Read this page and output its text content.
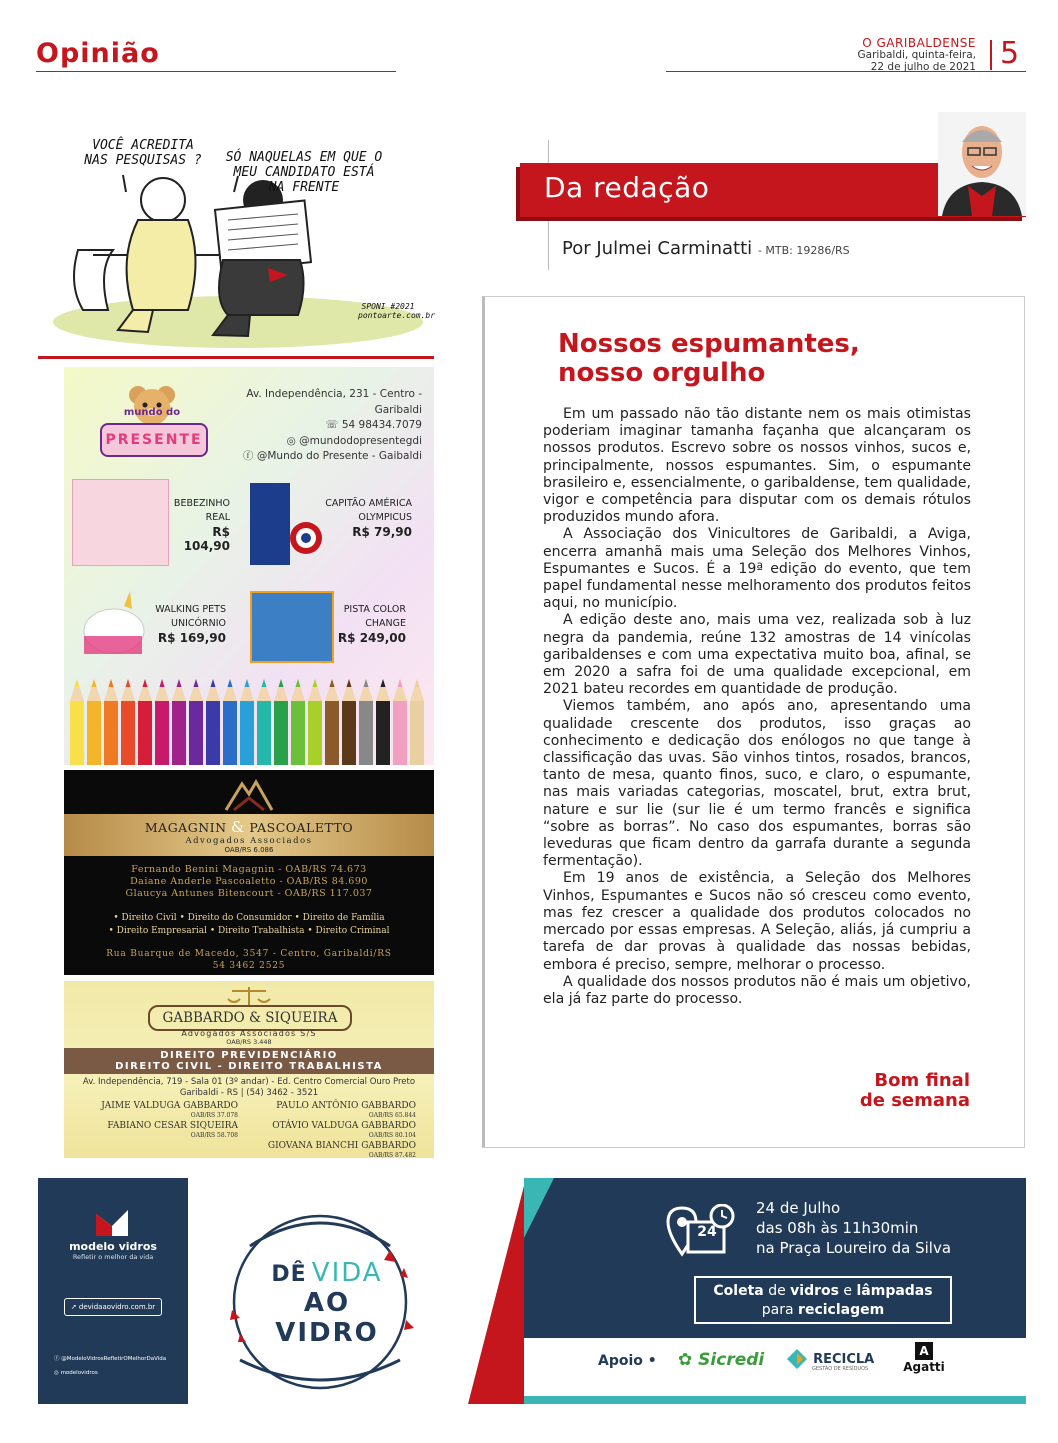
Opinião	O GARIBALDENSE
Garibaldi, quinta-feira,
22 de julho de 2021 5
VOCÊ ACREDITA NAS PESQUISAS ?	SÓ NAQUELAS EM QUE O MEU CANDIDATO ESTÁ NA FRENTE
SPONI #2021 pontoarte.com.br
mundo do
PRESENTE
Av. Independência, 231 - Centro - Garibaldi
☏ 54 98434.7079
◎ @mundodopresentegdi
ⓕ @Mundo do Presente - Gaibaldi
BEBEZINHO
REAL
R$ 104,90
CAPITÃO AMÉRICA
OLYMPICUS
R$ 79,90
WALKING PETS
UNICÓRNIO
R$ 169,90
PISTA COLOR
CHANGE
R$ 249,00
MAGAGNIN & PASCOALETTO
Advogados Associados
OAB/RS 6.086
Fernando Benini Magagnin - OAB/RS 74.673
Daiane Anderle Pascoaletto - OAB/RS 84.690
Glaucya Antunes Bitencourt - OAB/RS 117.037
• Direito Civil • Direito do Consumidor • Direito de Família
• Direito Empresarial • Direito Trabalhista • Direito Criminal
Rua Buarque de Macedo, 3547 - Centro, Garibaldi/RS
54 3462 2525
GABBARDO & SIQUEIRA
Advogados Associados S/S
OAB/RS 3.448
DIREITO PREVIDENCIÁRIO
DIREITO CIVIL - DIREITO TRABALHISTA
Av. Independência, 719 - Sala 01 (3º andar) - Ed. Centro Comercial Ouro Preto
Garibaldi - RS | (54) 3462 - 3521
JAIME VALDUGA GABBARDO
OAB/RS 37.078
FABIANO CESAR SIQUEIRA
OAB/RS 58.708
PAULO ANTÔNIO GABBARDO
OAB/RS 65.844
OTÁVIO VALDUGA GABBARDO
OAB/RS 80.104
GIOVANA BIANCHI GABBARDO
OAB/RS 87.482
Da redação
Por Julmei Carminatti - MTB: 19286/RS
Nossos espumantes,
nosso orgulho

Em um passado não tão distante nem os mais otimistas poderiam imaginar tamanha façanha que alcançaram os nossos produtos. Escrevo sobre os nossos vinhos, sucos e, principalmente, nossos espumantes. Sim, o espumante brasileiro e, essencialmente, o garibaldense, tem qualidade, vigor e competência para disputar com os demais rótulos produzidos mundo afora.

A Associação dos Vinicultores de Garibaldi, a Aviga, encerra amanhã mais uma Seleção dos Melhores Vinhos, Espumantes e Sucos. É a 19ª edição do evento, que tem papel fundamental nesse melhoramento dos produtos feitos aqui, no município.

A edição deste ano, mais uma vez, realizada sob à luz negra da pandemia, reúne 132 amostras de 14 vinícolas garibaldenses e com uma expectativa muito boa, afinal, se em 2020 a safra foi de uma qualidade excepcional, em 2021 bateu recordes em quantidade de produção.

Viemos também, ano após ano, apresentando uma qualidade crescente dos produtos, isso graças ao conhecimento e dedicação dos enólogos no que tange à classificação das uvas. São vinhos tintos, rosados, brancos, tanto de mesa, quanto finos, suco, e claro, o espumante, nas mais variadas categorias, moscatel, brut, extra brut, nature e sur lie (sur lie é um termo francês e significa “sobre as borras”. No caso dos espumantes, borras são leveduras que ficam dentro da garrafa durante a segunda fermentação).

Em 19 anos de existência, a Seleção dos Melhores Vinhos, Espumantes e Sucos não só cresceu como evento, mas fez crescer a qualidade dos produtos colocados no mercado por essas empresas. A Seleção, aliás, já cumpriu a tarefa de dar provas à qualidade das nossas bebidas, embora é preciso, sempre, melhorar o processo.

A qualidade dos nossos produtos não é mais um objetivo, ela já faz parte do processo.

Bom final
de semana
modelo vidros
Refletir o melhor da vida
➚ devidaaovidro.com.br
ⓕ @ModeloVidrosRefletirOMelhorDaVida
◎ modelovidros
DÊ VIDA
AO VIDRO
24
24 de Julho
das 08h às 11h30min
na Praça Loureiro da Silva
Coleta de vidros e lâmpadas
para reciclagem
Apoio • ✿ Sicredi	RECICLA
GESTÃO DE RESÍDUOS
A
Agatti
